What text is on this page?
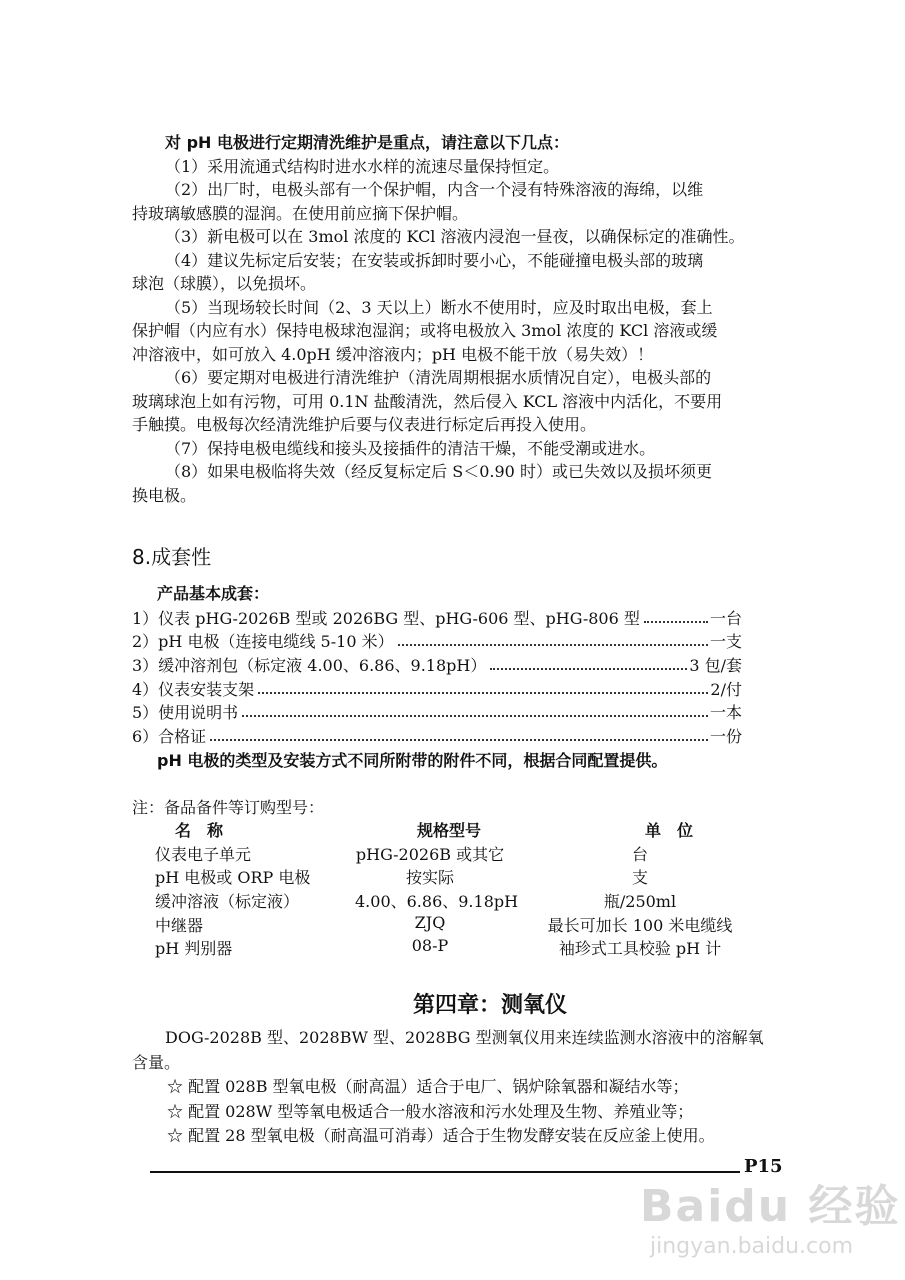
对 pH 电极进行定期清洗维护是重点，请注意以下几点：
（1）采用流通式结构时进水水样的流速尽量保持恒定。
（2）出厂时，电极头部有一个保护帽，内含一个浸有特殊溶液的海绵，以维
持玻璃敏感膜的湿润。在使用前应摘下保护帽。
（3）新电极可以在 3mol 浓度的 KCl 溶液内浸泡一昼夜，以确保标定的准确性。
（4）建议先标定后安装；在安装或拆卸时要小心，不能碰撞电极头部的玻璃
球泡（球膜），以免损坏。
（5）当现场较长时间（2、3 天以上）断水不使用时，应及时取出电极，套上
保护帽（内应有水）保持电极球泡湿润；或将电极放入 3mol 浓度的 KCl 溶液或缓
冲溶液中，如可放入 4.0pH 缓冲溶液内；pH 电极不能干放（易失效）！
（6）要定期对电极进行清洗维护（清洗周期根据水质情况自定），电极头部的
玻璃球泡上如有污物，可用 0.1N 盐酸清洗，然后侵入 KCL 溶液中内活化，不要用
手触摸。电极每次经清洗维护后要与仪表进行标定后再投入使用。
（7）保持电极电缆线和接头及接插件的清洁干燥，不能受潮或进水。
（8）如果电极临将失效（经反复标定后 S＜0.90 时）或已失效以及损坏须更
换电极。
8.成套性
产品基本成套：
1）仪表 pHG-2026B 型或 2026BG 型、pHG-606 型、pHG-806 型	一台
2）pH 电极（连接电缆线 5-10 米）	一支
3）缓冲溶剂包（标定液 4.00、6.86、9.18pH）	3 包/套
4）仪表安装支架	2/付
5）使用说明书	一本
6）合格证	一份
pH 电极的类型及安装方式不同所附带的附件不同，根据合同配置提供。
注：备品备件等订购型号：
名　称	规格型号	单　位
仪表电子单元	pHG-2026B 或其它	台
pH 电极或 ORP 电极	按实际	支
缓冲溶液（标定液）	4.00、6.86、9.18pH	瓶/250ml
中继器	ZJQ	最长可加长 100 米电缆线
pH 判别器	08-P	袖珍式工具校验 pH 计
第四章：测氧仪
DOG-2028B 型、2028BW 型、2028BG 型测氧仪用来连续监测水溶液中的溶解氧
含量。
☆ 配置 028B 型氧电极（耐高温）适合于电厂、锅炉除氧器和凝结水等；
☆ 配置 028W 型等氧电极适合一般水溶液和污水处理及生物、养殖业等；
☆ 配置 28 型氧电极（耐高温可消毒）适合于生物发酵安装在反应釜上使用。
P15
Baidu 经验
jingyan.baidu.com
